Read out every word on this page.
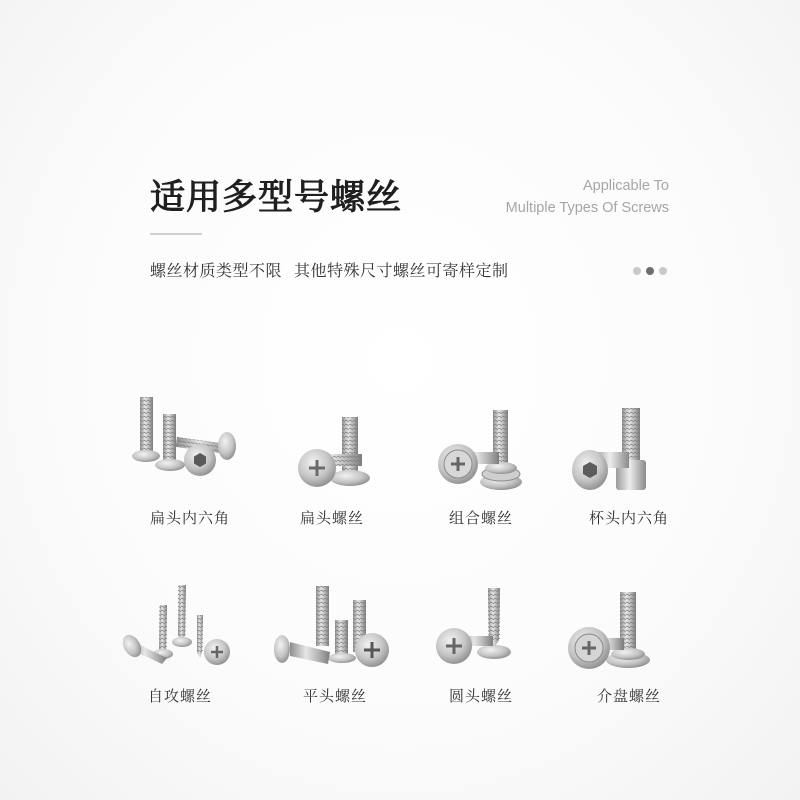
适用多型号螺丝	Applicable To
Multiple Types Of Screws
螺丝材质类型不限 其他特殊尺寸螺丝可寄样定制
扁头内六角	扁头螺丝	组合螺丝	杯头内六角
自攻螺丝	平头螺丝	圆头螺丝	介盘螺丝
